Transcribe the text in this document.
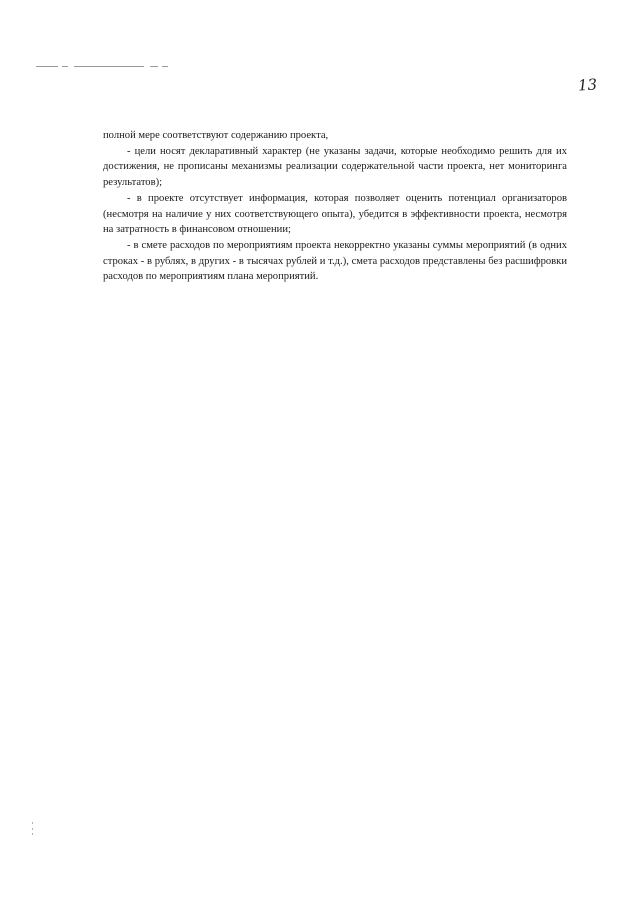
13

полной мере соответствуют содержанию проекта,

- цели носят декларативный характер (не указаны задачи, которые необходимо решить для их достижения, не прописаны механизмы реализации содержательной части проекта, нет мониторинга результатов);

- в проекте отсутствует информация, которая позволяет оценить потенциал организаторов (несмотря на наличие у них соответствующего опыта), убедится в эффективности проекта, несмотря на затратность в финансовом отношении;

- в смете расходов по мероприятиям проекта некорректно указаны суммы мероприятий (в одних строках - в рублях, в других - в тысячах рублей и т.д.), смета расходов представлены без расшифровки расходов по мероприятиям плана мероприятий.
